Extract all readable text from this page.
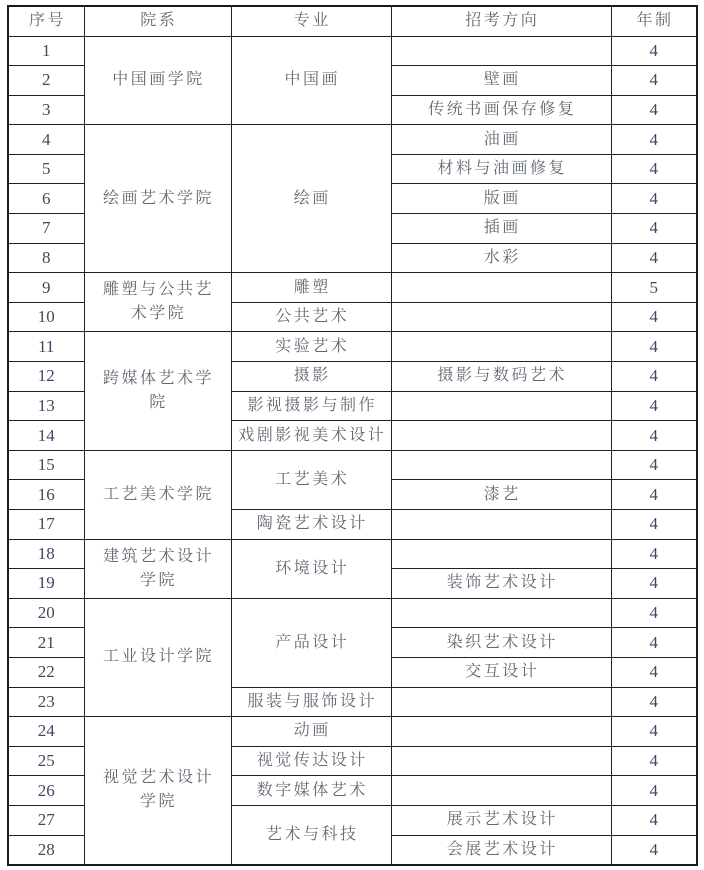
序号	院系	专业	招考方向	年制
1	中国画学院	中国画		4
2			壁画	4
3			传统书画保存修复	4
4	绘画艺术学院	绘画	油画	4
5			材料与油画修复	4
6			版画	4
7			插画	4
8			水彩	4
9	雕塑与公共艺术学院	雕塑		5
10		公共艺术		4
11	跨媒体艺术学院	实验艺术		4
12		摄影	摄影与数码艺术	4
13		影视摄影与制作		4
14		戏剧影视美术设计		4
15	工艺美术学院	工艺美术		4
16			漆艺	4
17		陶瓷艺术设计		4
18	建筑艺术设计学院	环境设计		4
19			装饰艺术设计	4
20	工业设计学院	产品设计		4
21			染织艺术设计	4
22			交互设计	4
23		服装与服饰设计		4
24	视觉艺术设计学院	动画		4
25		视觉传达设计		4
26		数字媒体艺术		4
27		艺术与科技	展示艺术设计	4
28			会展艺术设计	4
